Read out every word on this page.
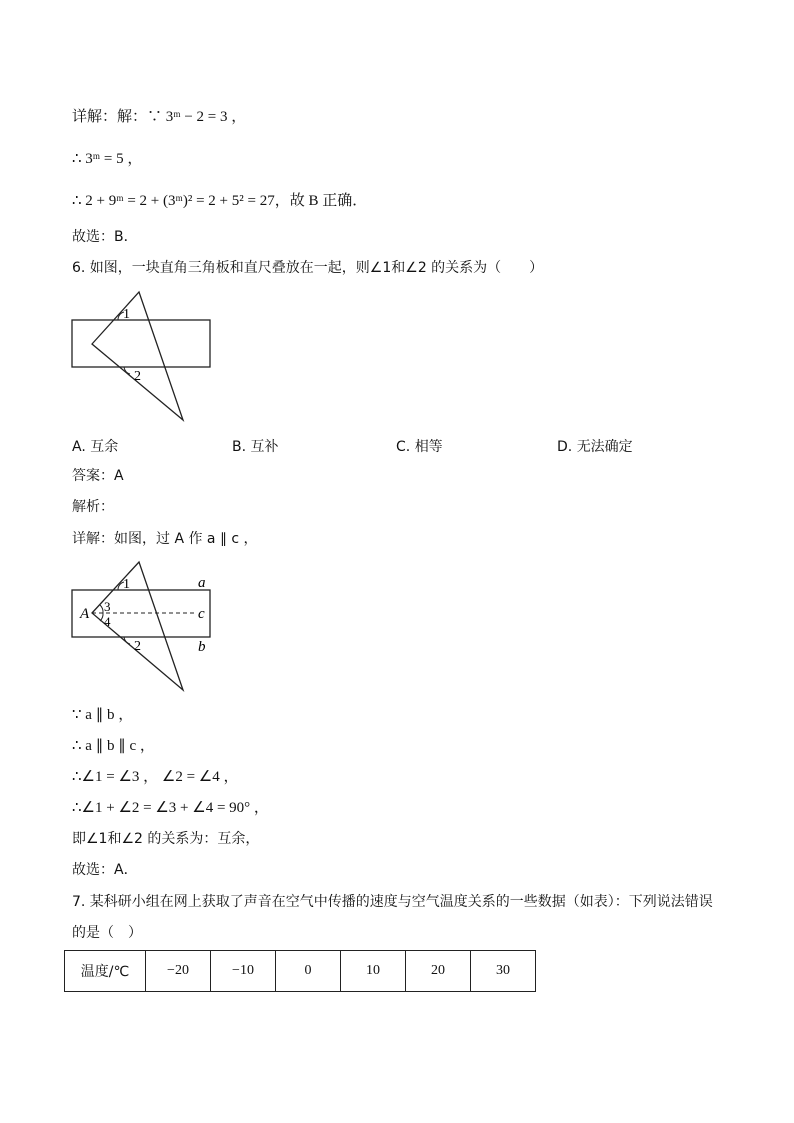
详解：解：∵ 3ᵐ − 2 = 3 ，
∴ 3ᵐ = 5 ，
∴ 2 + 9ᵐ = 2 + (3ᵐ)² = 2 + 5² = 27，故 B 正确．
故选：B．
6. 如图，一块直角三角板和直尺叠放在一起，则∠1和∠2 的关系为（　　）
1
2
A. 互余	B. 互补	C. 相等	D. 无法确定
答案：A
解析：
详解：如图，过 A 作 a ∥ c ，
a
c
b
A
1
3
4
2
∵ a ∥ b ，
∴ a ∥ b ∥ c ，
∴∠1 = ∠3 ， ∠2 = ∠4 ，
∴∠1 + ∠2 = ∠3 + ∠4 = 90° ，
即∠1和∠2 的关系为：互余，
故选：A．
7. 某科研小组在网上获取了声音在空气中传播的速度与空气温度关系的一些数据（如表）：下列说法错误
的是（　）
温度/℃	−20	−10	0	10	20	30
